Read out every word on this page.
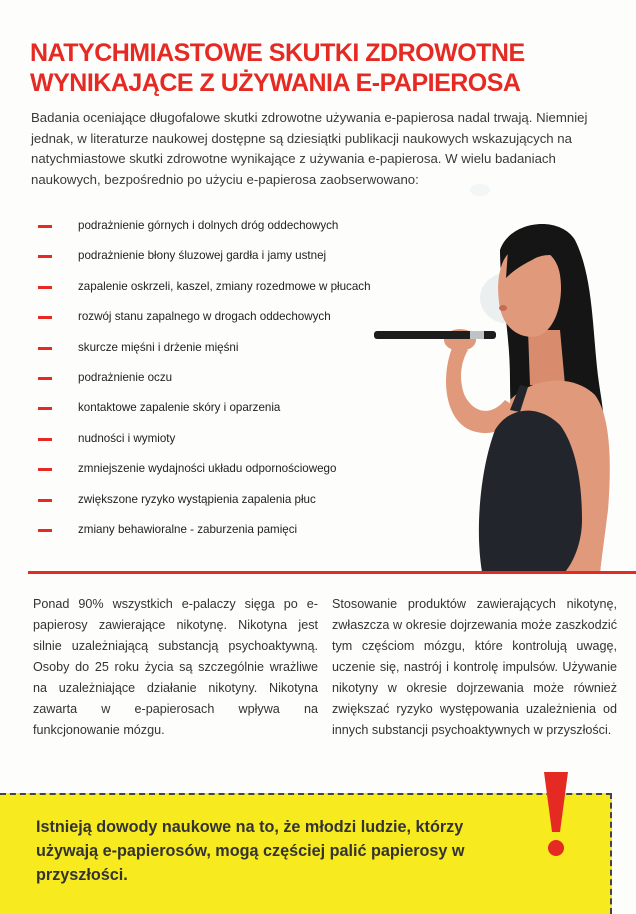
NATYCHMIASTOWE SKUTKI ZDROWOTNE
WYNIKAJĄCE Z UŻYWANIA E-PAPIEROSA

Badania oceniające długofalowe skutki zdrowotne używania e-papierosa nadal trwają. Niemniej jednak, w literaturze naukowej dostępne są dziesiątki publikacji naukowych wskazujących na natychmiastowe skutki zdrowotne wynikające z używania e-papierosa. W wielu badaniach naukowych, bezpośrednio po użyciu e-papierosa zaobserwowano:

podrażnienie górnych i dolnych dróg oddechowych
podrażnienie błony śluzowej gardła i jamy ustnej
zapalenie oskrzeli, kaszel, zmiany rozedmowe w płucach
rozwój stanu zapalnego w drogach oddechowych
skurcze mięśni i drżenie mięśni
podrażnienie oczu
kontaktowe zapalenie skóry i oparzenia
nudności i wymioty
zmniejszenie wydajności układu odpornościowego
zwiększone ryzyko wystąpienia zapalenia płuc
zmiany behawioralne - zaburzenia pamięci

Ponad 90% wszystkich e-palaczy sięga po e-papierosy zawierające nikotynę. Nikotyna jest silnie uzależniającą substancją psychoaktywną. Osoby do 25 roku życia są szczególnie wrażliwe na uzależniające działanie nikotyny. Nikotyna zawarta w e-papierosach wpływa na funkcjonowanie mózgu.

Stosowanie produktów zawierających nikotynę, zwłaszcza w okresie dojrzewania może zaszkodzić tym częściom mózgu, które kontrolują uwagę, uczenie się, nastrój i kontrolę impulsów. Używanie nikotyny w okresie dojrzewania może również zwiększać ryzyko występowania uzależnienia od innych substancji psychoaktywnych w przyszłości.

Istnieją dowody naukowe na to, że młodzi ludzie, którzy używają e-papierosów, mogą częściej palić papierosy w przyszłości.
